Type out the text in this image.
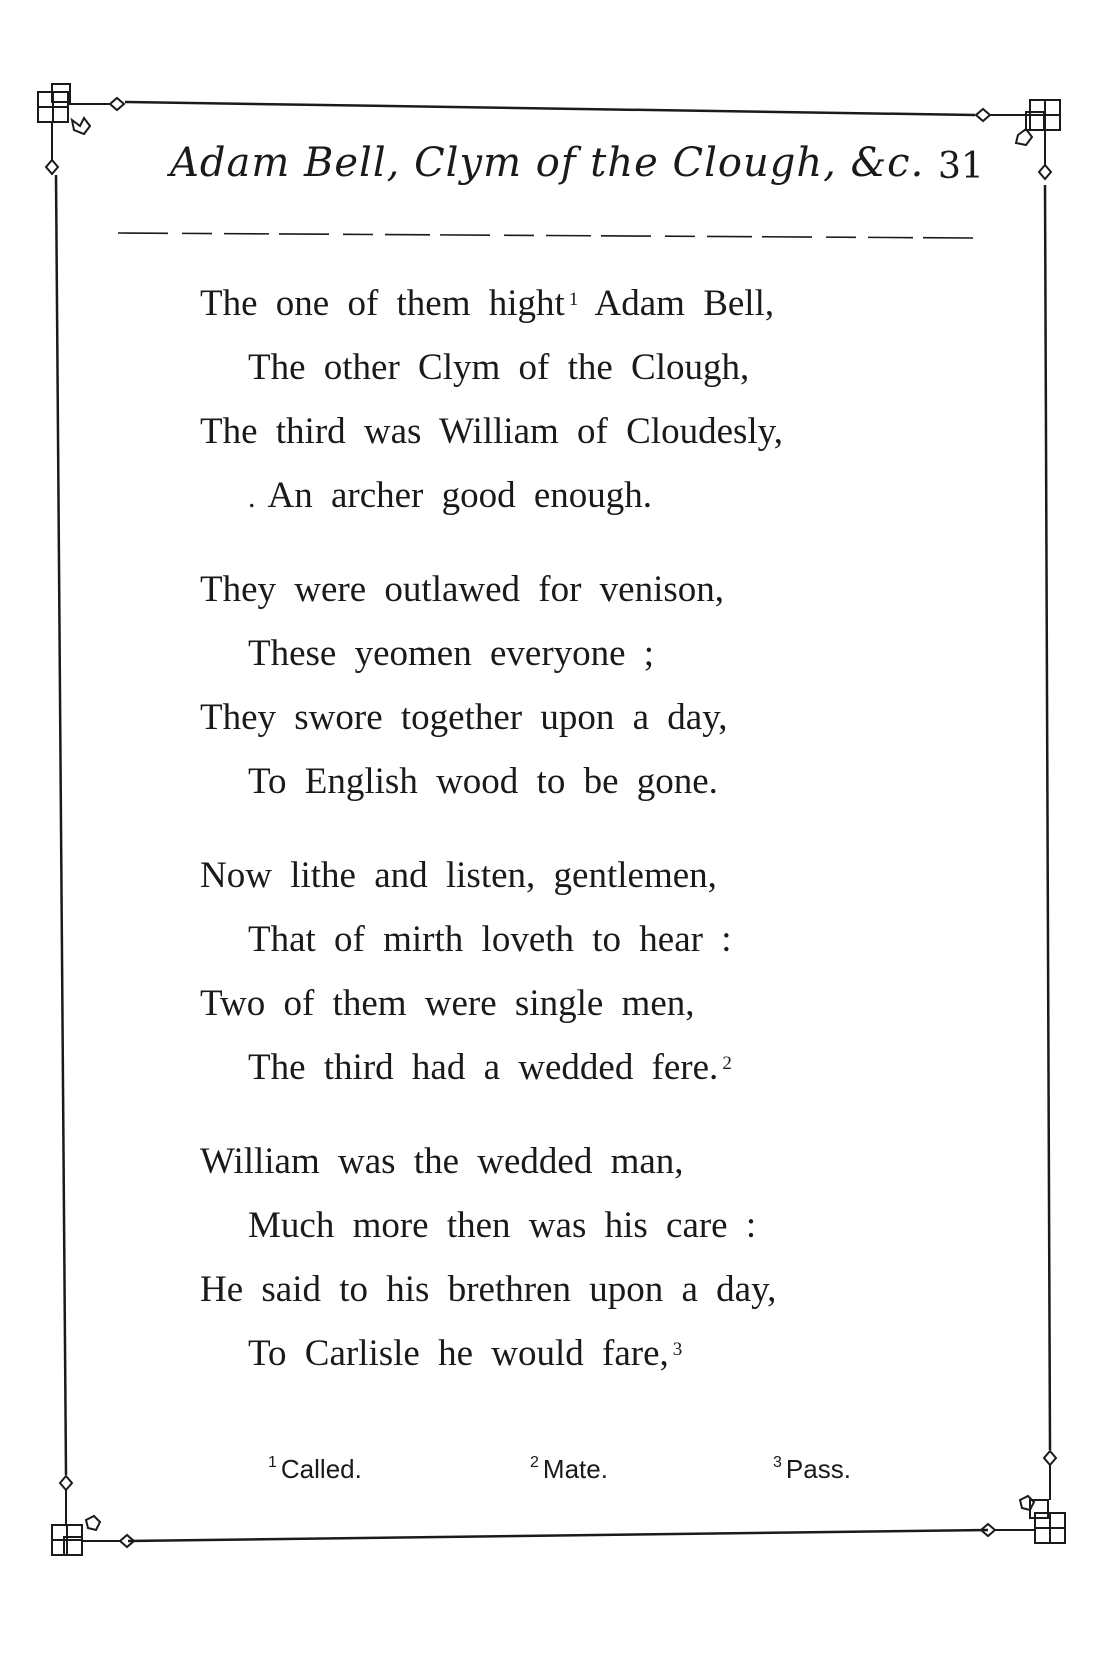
Adam Bell, Clym of the Clough, &c. 31
The one of them hight $^1$ Adam Bell,
The other Clym of the Clough,
The third was William of Cloudesly,
. An archer good enough.
They were outlawed for venison,
These yeomen everyone ;
They swore together upon a day,
To English wood to be gone.
Now lithe and listen, gentlemen,
That of mirth loveth to hear :
Two of them were single men,
The third had a wedded fere. $^2$
William was the wedded man,
Much more then was his care :
He said to his brethren upon a day,
To Carlisle he would fare, $^3$
$^1$ Called.	$^2$ Mate.	$^3$ Pass.
